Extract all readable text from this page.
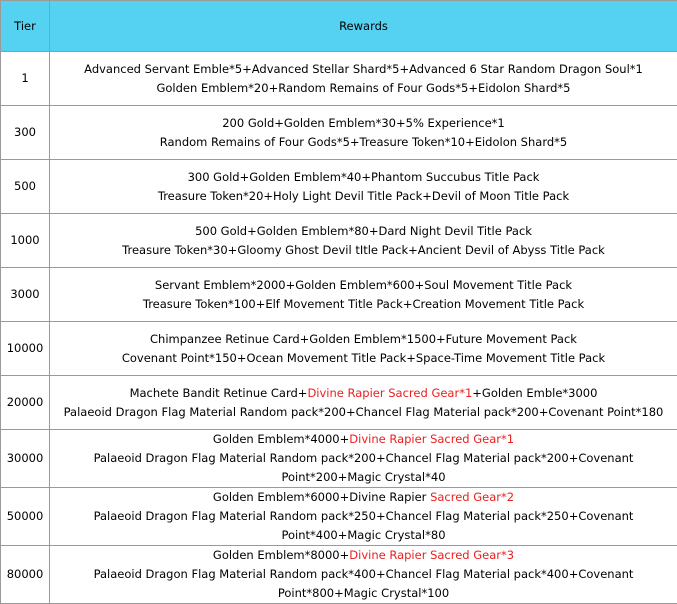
Tier	Rewards
1	Advanced Servant Emble*5+Advanced Stellar Shard*5+Advanced 6 Star Random Dragon Soul*1
Golden Emblem*20+Random Remains of Four Gods*5+Eidolon Shard*5

300	200 Gold+Golden Emblem*30+5% Experience*1
Random Remains of Four Gods*5+Treasure Token*10+Eidolon Shard*5

500	300 Gold+Golden Emblem*40+Phantom Succubus Title Pack
Treasure Token*20+Holy Light Devil Title Pack+Devil of Moon Title Pack

1000	500 Gold+Golden Emblem*80+Dard Night Devil Title Pack
Treasure Token*30+Gloomy Ghost Devil tItle Pack+Ancient Devil of Abyss Title Pack

3000	Servant Emblem*2000+Golden Emblem*600+Soul Movement Title Pack
Treasure Token*100+Elf Movement Title Pack+Creation Movement Title Pack

10000	Chimpanzee Retinue Card+Golden Emblem*1500+Future Movement Pack
Covenant Point*150+Ocean Movement Title Pack+Space-Time Movement Title Pack

20000	Machete Bandit Retinue Card+Divine Rapier Sacred Gear*1+Golden Emble*3000
Palaeoid Dragon Flag Material Random pack*200+Chancel Flag Material pack*200+Covenant Point*180

30000	Golden Emblem*4000+Divine Rapier Sacred Gear*1
Palaeoid Dragon Flag Material Random pack*200+Chancel Flag Material pack*200+Covenant
Point*200+Magic Crystal*40

50000	Golden Emblem*6000+Divine Rapier Sacred Gear*2
Palaeoid Dragon Flag Material Random pack*250+Chancel Flag Material pack*250+Covenant
Point*400+Magic Crystal*80

80000	Golden Emblem*8000+Divine Rapier Sacred Gear*3
Palaeoid Dragon Flag Material Random pack*400+Chancel Flag Material pack*400+Covenant
Point*800+Magic Crystal*100
